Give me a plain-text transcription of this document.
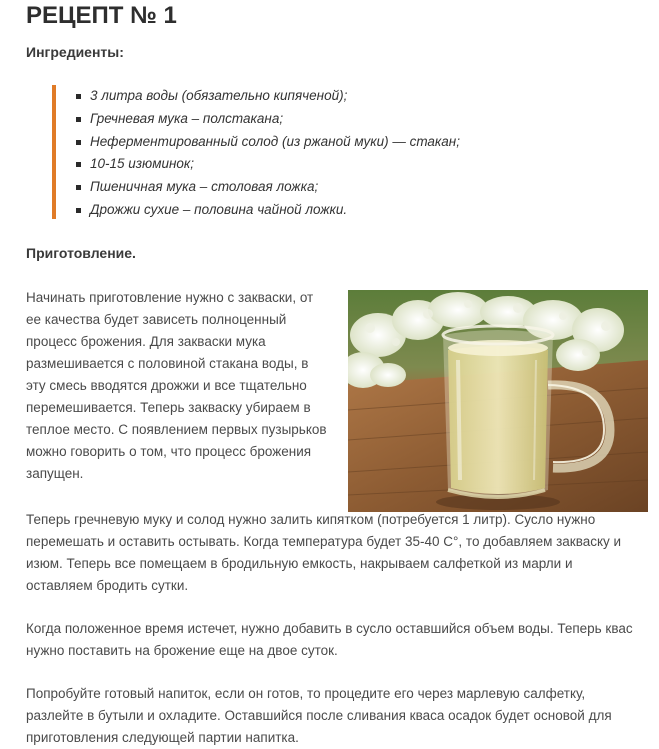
РЕЦЕПТ № 1
Ингредиенты:
3 литра воды (обязательно кипяченой);
Гречневая мука – полстакана;
Неферментированный солод (из ржаной муки) — стакан;
10-15 изюминок;
Пшеничная мука – столовая ложка;
Дрожжи сухие – половина чайной ложки.
Приготовление.

Начинать приготовление нужно с закваски, от ее качества будет зависеть полноценный процесс брожения. Для закваски мука размешивается с половиной стакана воды, в эту смесь вводятся дрожжи и все тщательно перемешивается. Теперь закваску убираем в теплое место. С появлением первых пузырьков можно говорить о том, что процесс брожения запущен.

Теперь гречневую муку и солод нужно залить кипятком (потребуется 1 литр). Сусло нужно перемешать и оставить остывать. Когда температура будет 35-40 С°, то добавляем закваску и изюм. Теперь все помещаем в бродильную емкость, накрываем салфеткой из марли и оставляем бродить сутки.

Когда положенное время истечет, нужно добавить в сусло оставшийся объем воды. Теперь квас нужно поставить на брожение еще на двое суток.

Попробуйте готовый напиток, если он готов, то процедите его через марлевую салфетку, разлейте в бутыли и охладите. Оставшийся после сливания кваса осадок будет основой для приготовления следующей партии напитка.
